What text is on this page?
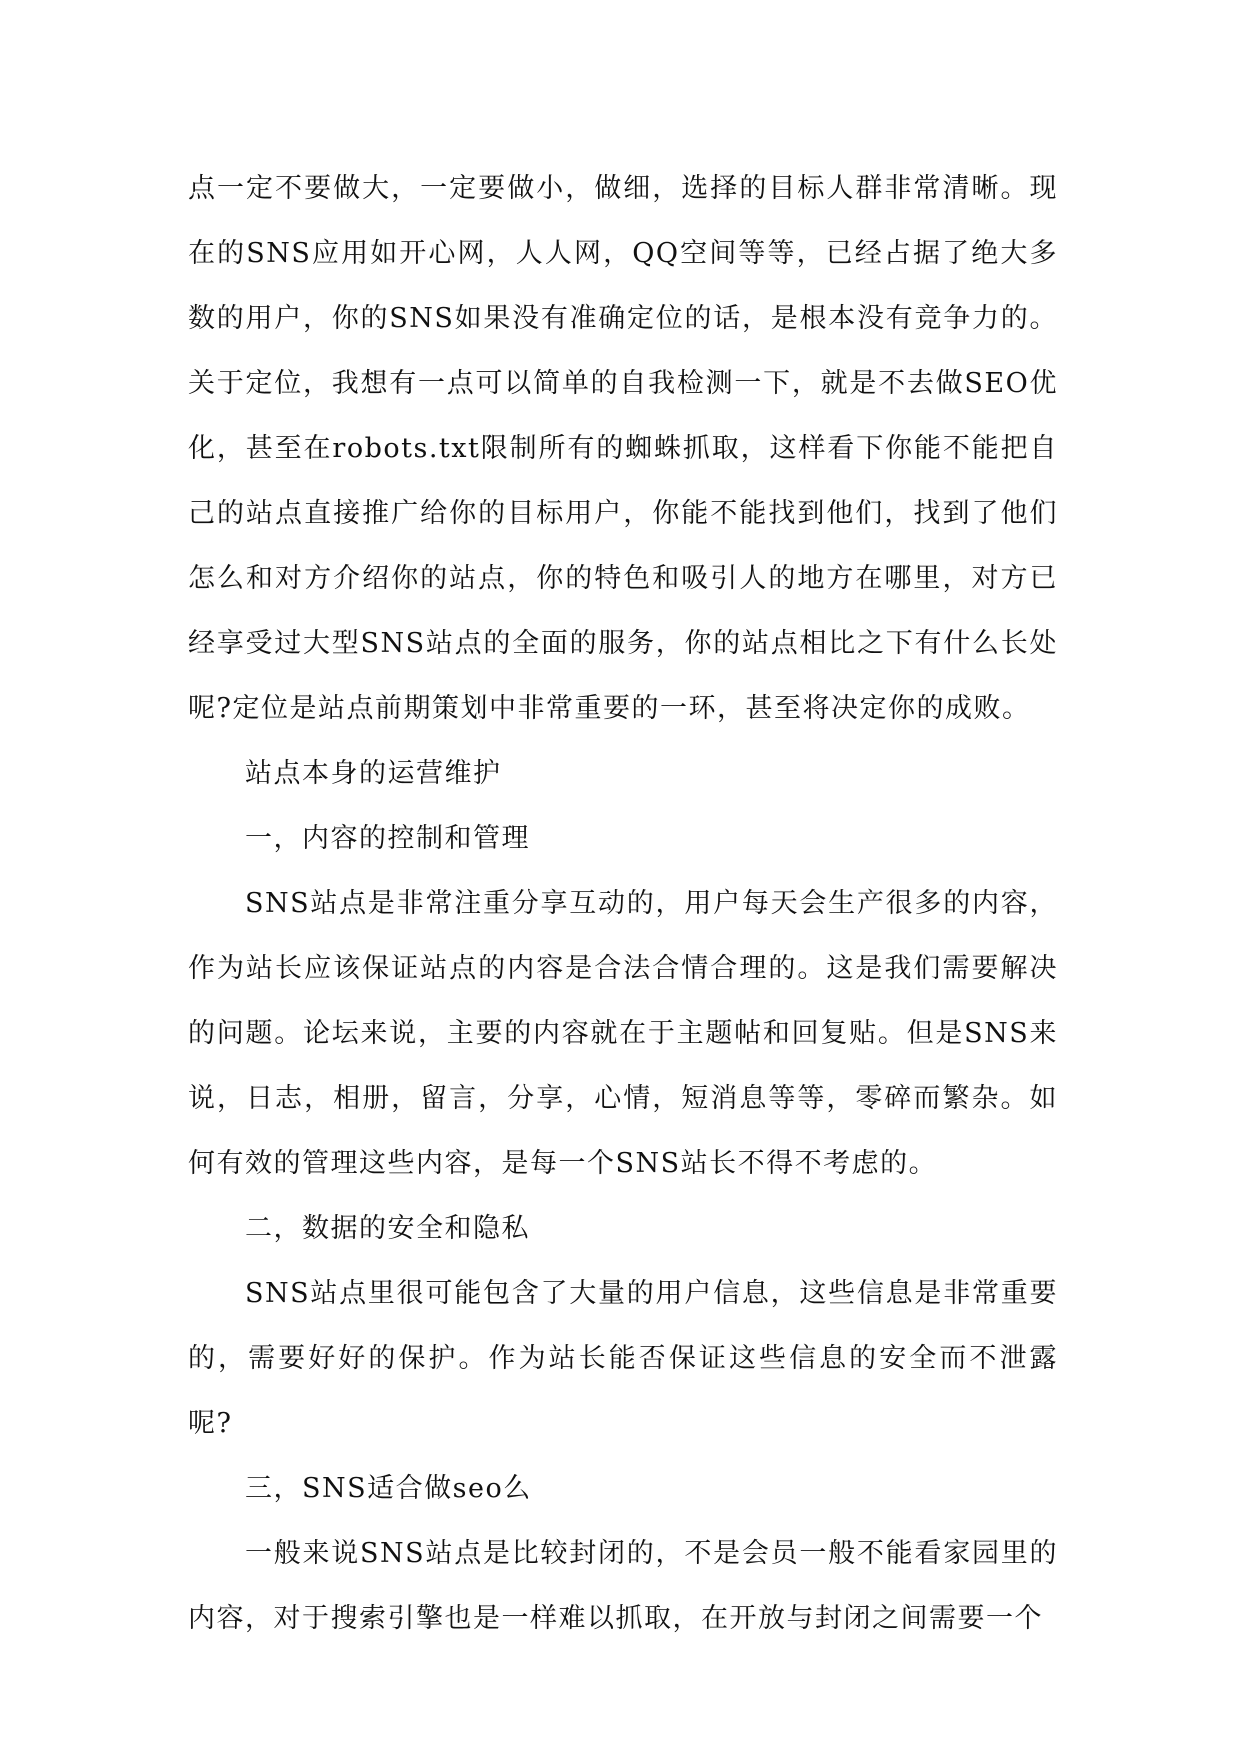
点一定不要做大，一定要做小，做细，选择的目标人群非常清晰。现在的SNS应用如开心网，人人网，QQ空间等等，已经占据了绝大多数的用户，你的SNS如果没有准确定位的话，是根本没有竞争力的。关于定位，我想有一点可以简单的自我检测一下，就是不去做SEO优化，甚至在robots.txt限制所有的蜘蛛抓取，这样看下你能不能把自己的站点直接推广给你的目标用户，你能不能找到他们，找到了他们怎么和对方介绍你的站点，你的特色和吸引人的地方在哪里，对方已经享受过大型SNS站点的全面的服务，你的站点相比之下有什么长处呢?定位是站点前期策划中非常重要的一环，甚至将决定你的成败。

站点本身的运营维护

一，内容的控制和管理

SNS站点是非常注重分享互动的，用户每天会生产很多的内容，作为站长应该保证站点的内容是合法合情合理的。这是我们需要解决的问题。论坛来说，主要的内容就在于主题帖和回复贴。但是SNS来说，日志，相册，留言，分享，心情，短消息等等，零碎而繁杂。如何有效的管理这些内容，是每一个SNS站长不得不考虑的。

二，数据的安全和隐私

SNS站点里很可能包含了大量的用户信息，这些信息是非常重要的，需要好好的保护。作为站长能否保证这些信息的安全而不泄露呢?

三，SNS适合做seo么

一般来说SNS站点是比较封闭的，不是会员一般不能看家园里的内容，对于搜索引擎也是一样难以抓取，在开放与封闭之间需要一个
